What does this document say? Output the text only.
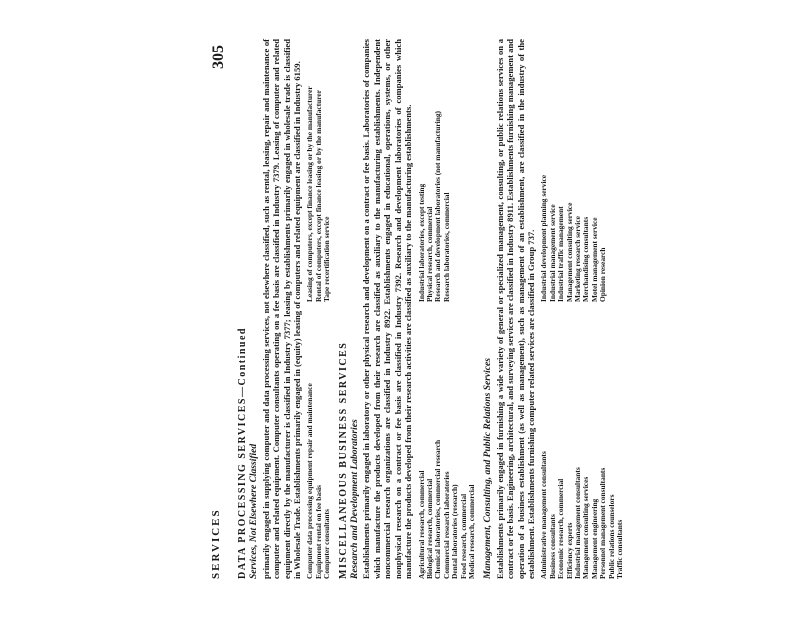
SERVICES
305
DATA PROCESSING SERVICES—Continued Services, Not Elsewhere Classified primarily engaged in supplying computer and data processing services, not elsewhere classified, such as rental, leasing, repair and maintenance of computer and related equipment. Computer consultants operating on a fee basis are classified in Industry 7379. Leasing of computer and related equipment directly by the manufacturer is classified in Industry 7377; leasing by establishments primarily engaged in wholesale trade is classified in Wholesale Trade. Establishments primarily engaged in (equity) leasing of computers and related equipment are classified in Industry 6159. Computer data processing equipment repair and maintenance Equipment rental on fee basis Computer consultants
Leasing of computers, except finance leasing or by the manufacturer Rental of computers, except finance leasing or by the manufacturer Tape recertification service
MISCELLANEOUS BUSINESS SERVICES Research and Development Laboratories Establishments primarily engaged in laboratory or other physical research and development on a contract or fee basis. Laboratories of companies which manufacture the products developed from their research are classified as auxiliary to the manufacturing establishments. Independent noncommercial research organizations are classified in Industry 8922. Establishments engaged in educational, operations, systems, or other nonphysical research on a contract or fee basis are classified in Industry 7392. Research and development laboratories of companies which manufacture the products developed from their research activities are classified as auxiliary to the manufacturing establishments. Agricultural research, commercial Biological research, commercial Chemical laboratories, commercial research Commercial research laboratories Dental laboratories (research) Food research, commercial Medical research, commercial
Industrial laboratories, except testing Physical research, commercial Research and development laboratories (not manufacturing) Research laboratories, commercial
Management, Consulting, and Public Relations Services Establishments primarily engaged in furnishing a wide variety of general or specialized management, consulting, or public relations services on a contract or fee basis. Engineering, architectural, and surveying services are classified in Industry 8911. Establishments furnishing management and operation of a business establishment (as well as management), such as management of an establishment, are classified in the industry of the establishment. Establishments furnishing computer related services are classified in Group 737. Administrative management consultants Business consultants Economic research, commercial Efficiency experts Industrial management consultants Management consulting services Management engineering Personnel management consultants Public relations counselors Traffic consultants
Industrial development planning service Industrial management service Industrial traffic management Management consulting service Marketing research service Merchandising consultants Motel management service Opinion research
